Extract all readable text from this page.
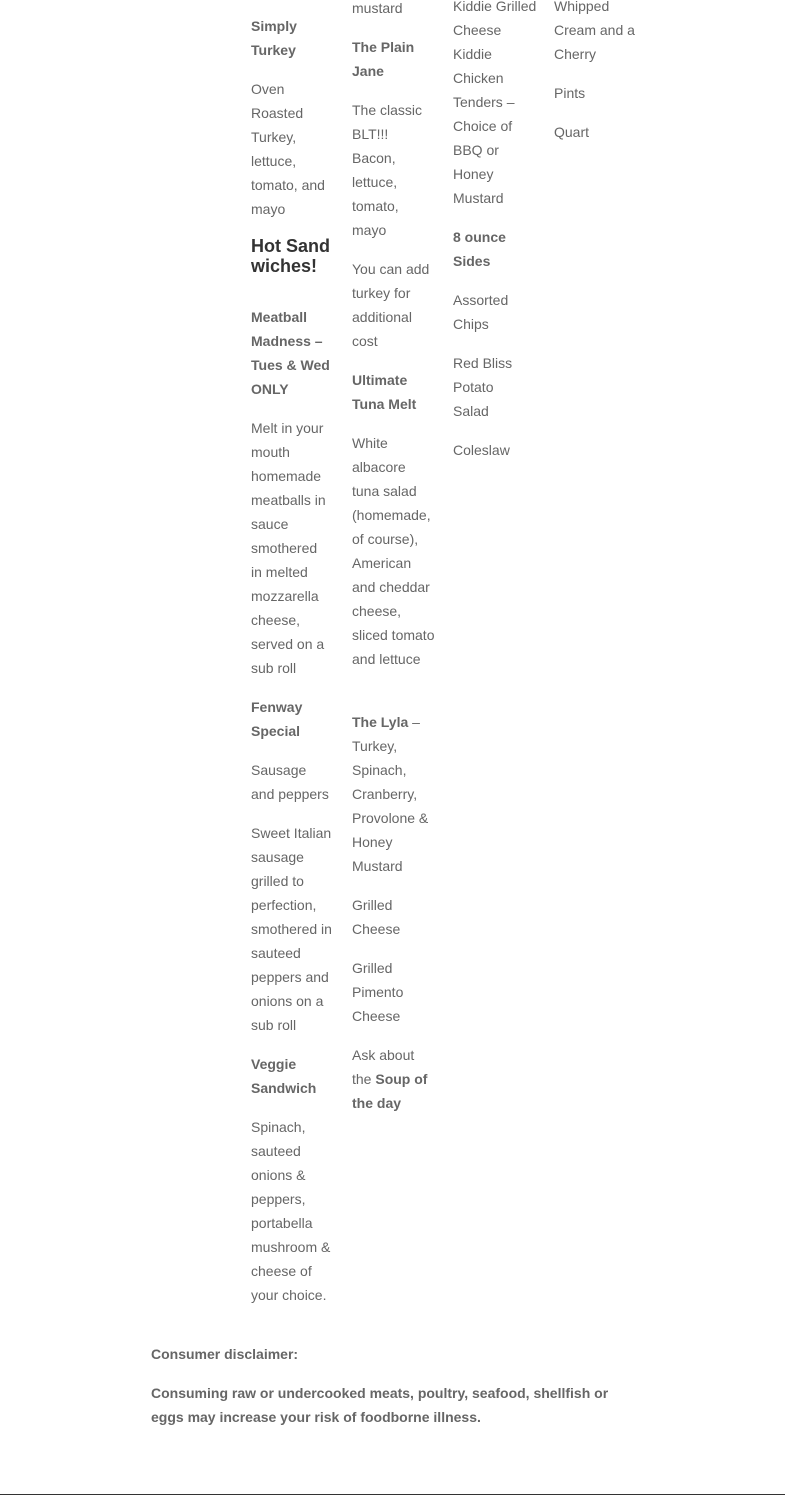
Simply Turkey

Oven Roasted Turkey, lettuce, tomato, and mayo

Hot Sandwiches!

Meatball Madness – Tues & Wed ONLY

Melt in your mouth homemade meatballs in sauce smothered in melted mozzarella cheese, served on a sub roll

Fenway Special

Sausage and peppers

Sweet Italian sausage grilled to perfection, smothered in sauteed peppers and onions on a sub roll

Veggie Sandwich

Spinach, sauteed onions & peppers, portabella mushroom & cheese of your choice.

mustard

The Plain Jane

The classic BLT!!! Bacon, lettuce, tomato, mayo

You can add turkey for additional cost

Ultimate Tuna Melt

White albacore tuna salad (homemade, of course), American and cheddar cheese, sliced tomato and lettuce

The Lyla – Turkey, Spinach, Cranberry, Provolone & Honey Mustard

Grilled Cheese

Grilled Pimento Cheese

Ask about the Soup of the day

Kiddie Grilled Cheese

Kiddie Chicken Tenders – Choice of BBQ or Honey Mustard

8 ounce Sides

Assorted Chips

Red Bliss Potato Salad

Coleslaw

Whipped Cream and a Cherry

Pints

Quart

Consumer disclaimer:

Consuming raw or undercooked meats, poultry, seafood, shellfish or eggs may increase your risk of foodborne illness.
